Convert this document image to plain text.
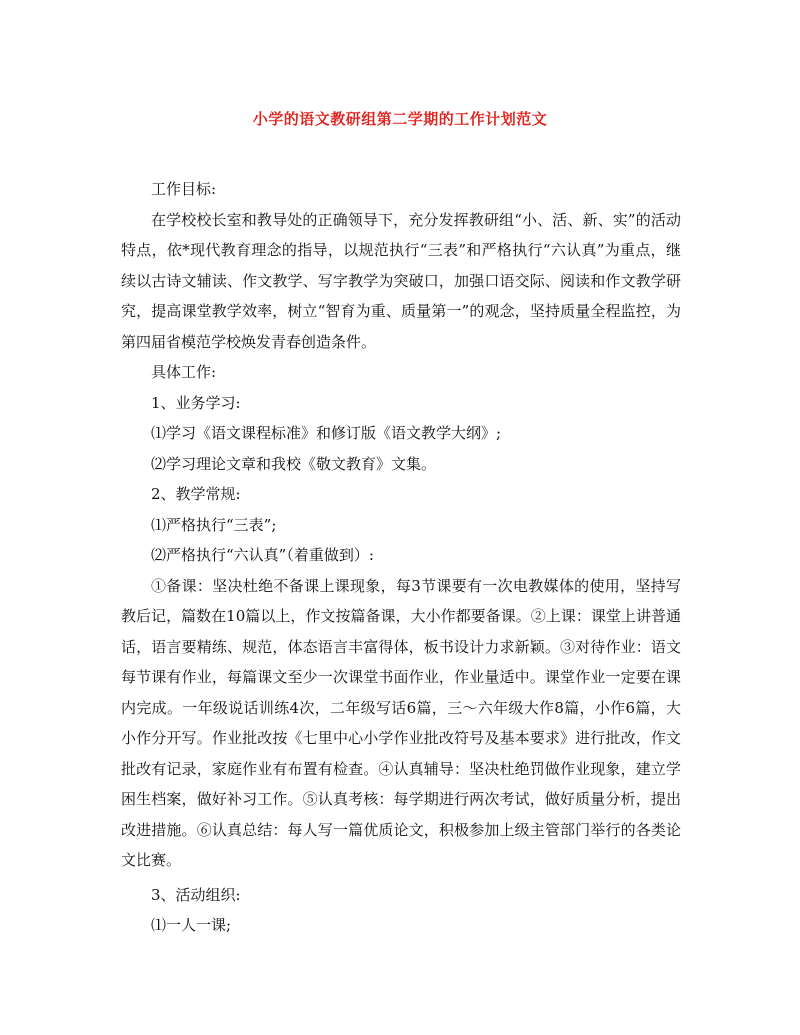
小学的语文教研组第二学期的工作计划范文

工作目标:

在学校校长室和教导处的正确领导下，充分发挥教研组“小、活、新、实”的活动特点，依*现代教育理念的指导，以规范执行“三表”和严格执行“六认真”为重点，继续以古诗文辅读、作文教学、写字教学为突破口，加强口语交际、阅读和作文教学研究，提高课堂教学效率，树立“智育为重、质量第一”的观念，坚持质量全程监控，为第四届省模范学校焕发青春创造条件。

具体工作:

1、业务学习:

⑴学习《语文课程标准》和修订版《语文教学大纲》;

⑵学习理论文章和我校《敬文教育》文集。

2、教学常规:

⑴严格执行“三表”;

⑵严格执行“六认真”（着重做到）:

①备课：坚决杜绝不备课上课现象，每3节课要有一次电教媒体的使用，坚持写教后记，篇数在10篇以上，作文按篇备课，大小作都要备课。②上课：课堂上讲普通话，语言要精练、规范，体态语言丰富得体，板书设计力求新颖。③对待作业：语文每节课有作业，每篇课文至少一次课堂书面作业，作业量适中。课堂作业一定要在课内完成。一年级说话训练4次，二年级写话6篇，三～六年级大作8篇，小作6篇，大小作分开写。作业批改按《七里中心小学作业批改符号及基本要求》进行批改，作文批改有记录，家庭作业有布置有检查。④认真辅导：坚决杜绝罚做作业现象，建立学困生档案，做好补习工作。⑤认真考核：每学期进行两次考试，做好质量分析，提出改进措施。⑥认真总结：每人写一篇优质论文，积极参加上级主管部门举行的各类论文比赛。

3、活动组织:

⑴一人一课;
